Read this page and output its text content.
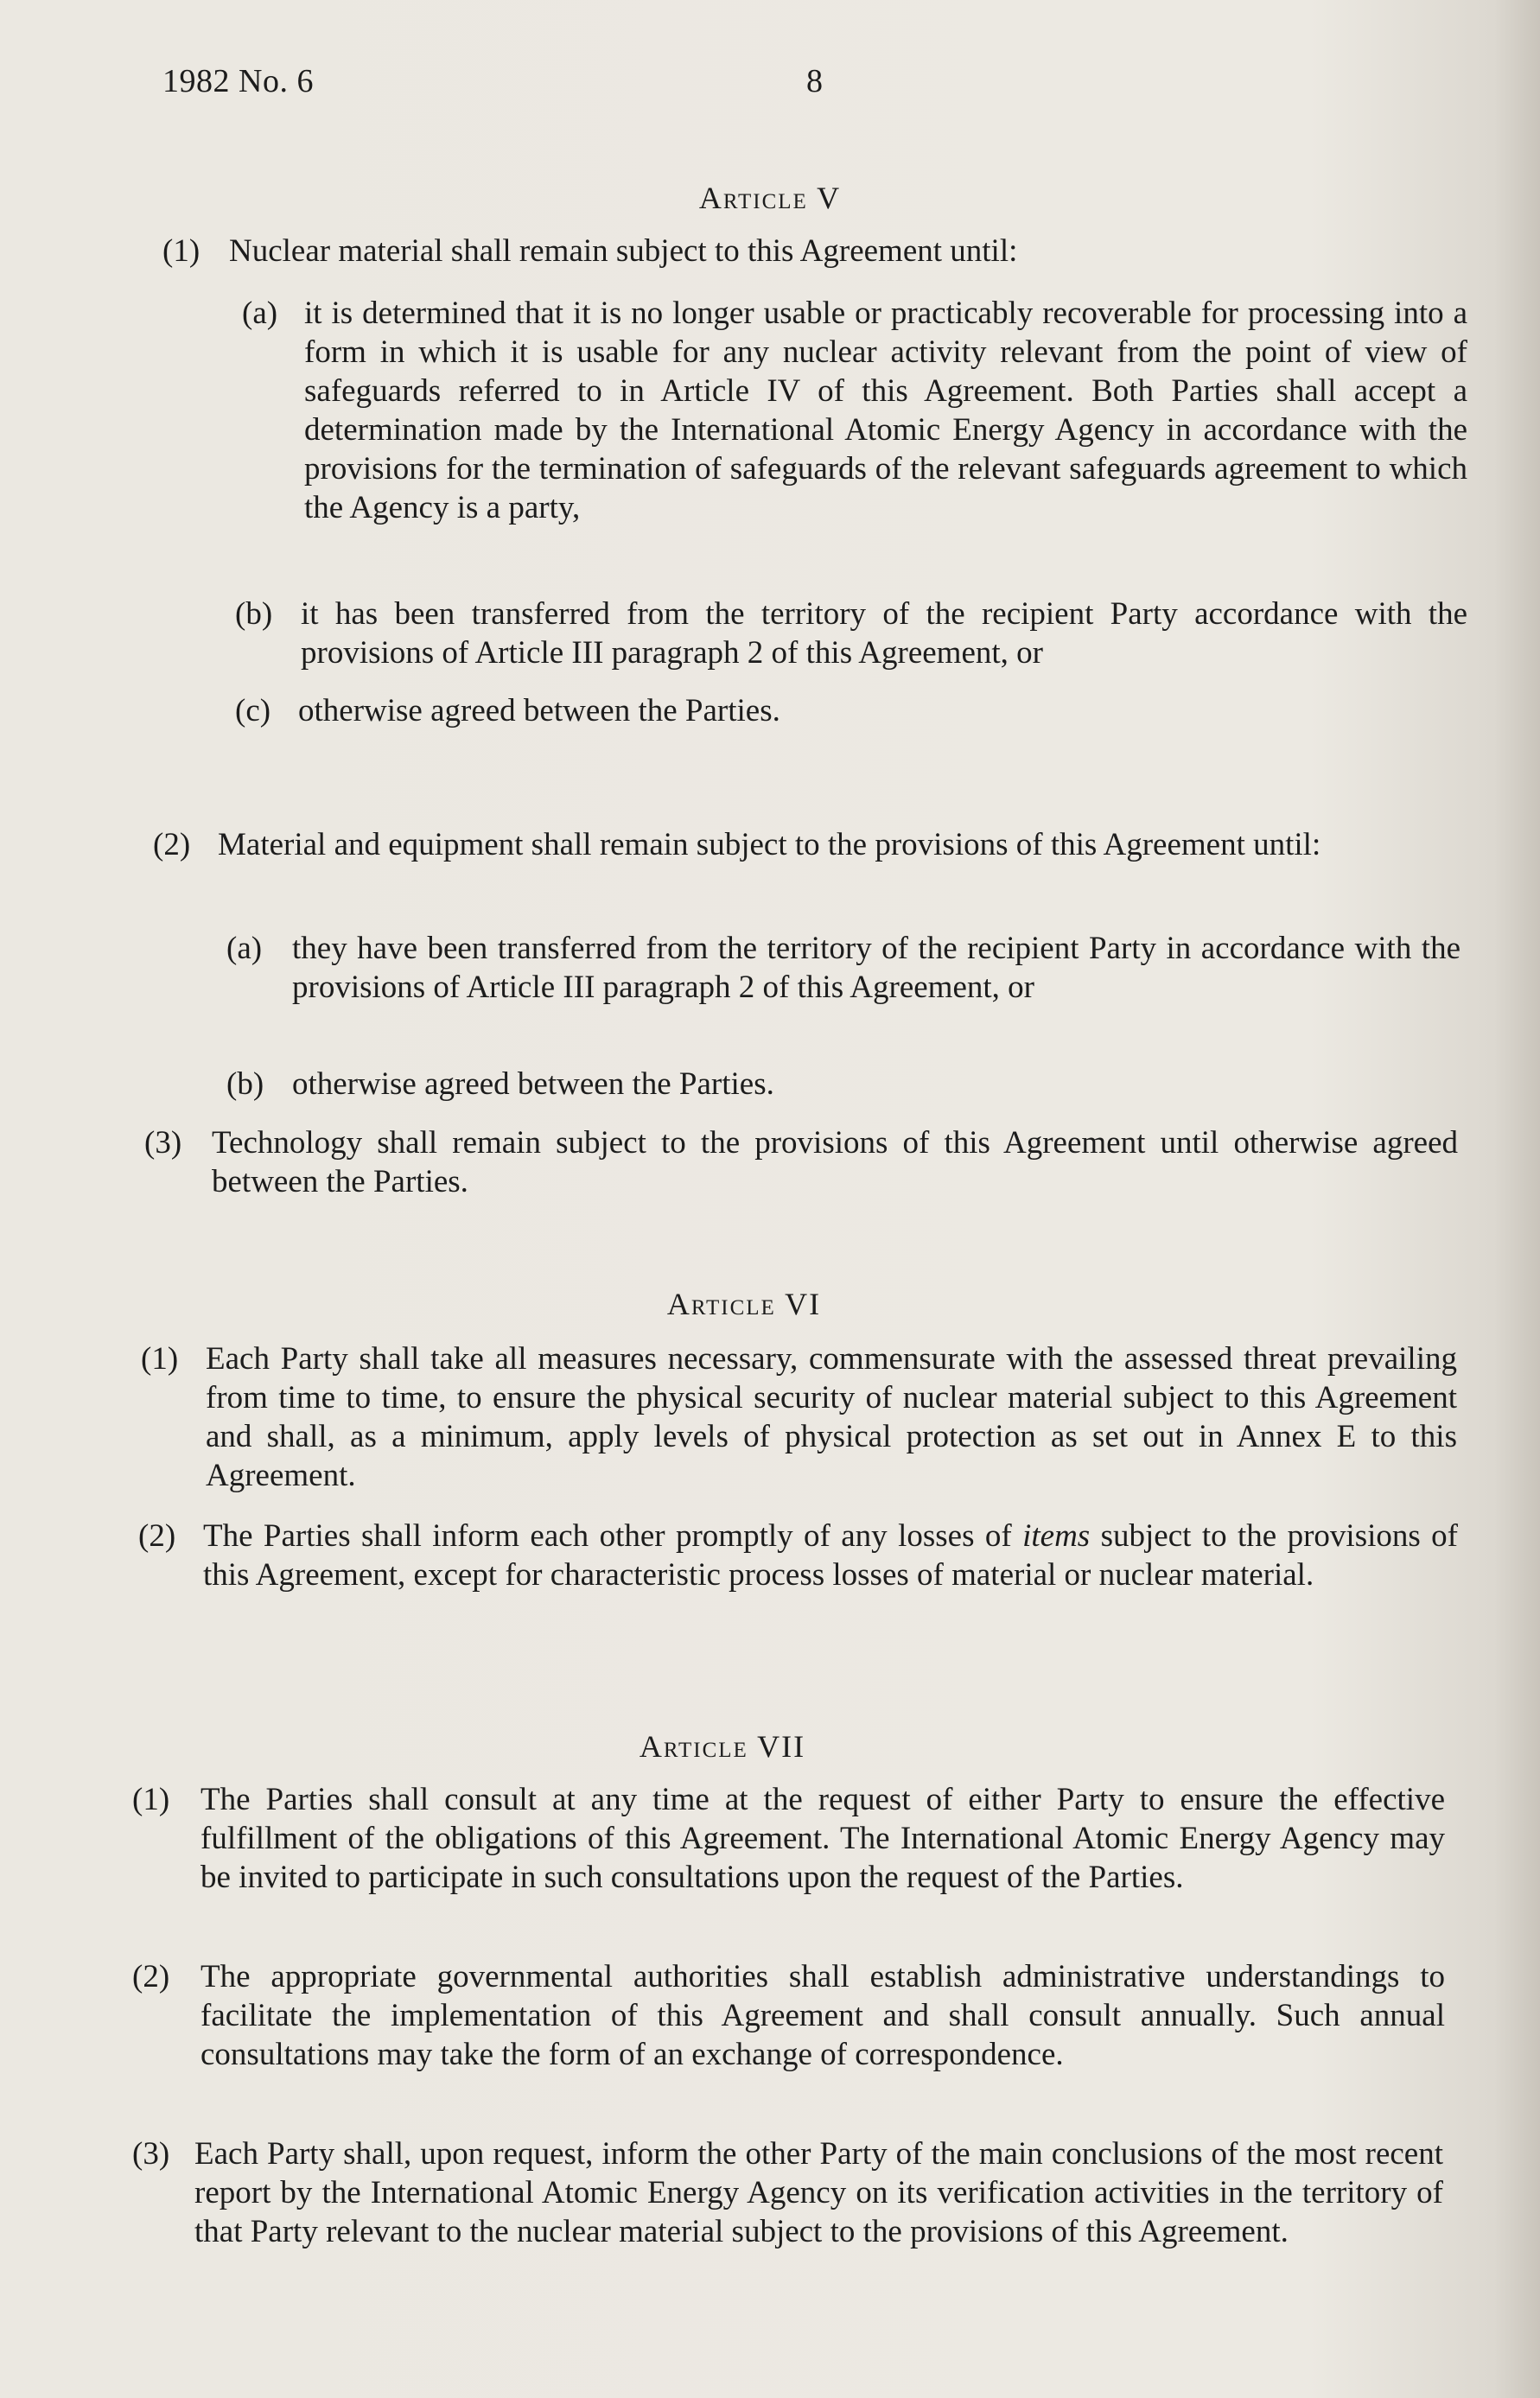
1982 No. 6	8
Article V
(1) Nuclear material shall remain subject to this Agreement until:
(a) it is determined that it is no longer usable or practicably recoverable for processing into a form in which it is usable for any nuclear activity relevant from the point of view of safeguards referred to in Article IV of this Agreement. Both Parties shall accept a determination made by the International Atomic Energy Agency in accordance with the provisions for the termination of safeguards of the relevant safeguards agreement to which the Agency is a party,
(b) it has been transferred from the territory of the recipient Party accordance with the provisions of Article III paragraph 2 of this Agreement, or
(c) otherwise agreed between the Parties.
(2) Material and equipment shall remain subject to the provisions of this Agreement until:
(a) they have been transferred from the territory of the recipient Party in accordance with the provisions of Article III paragraph 2 of this Agreement, or
(b) otherwise agreed between the Parties.
(3) Technology shall remain subject to the provisions of this Agreement until otherwise agreed between the Parties.
Article VI
(1) Each Party shall take all measures necessary, commensurate with the assessed threat prevailing from time to time, to ensure the physical security of nuclear material subject to this Agreement and shall, as a minimum, apply levels of physical protection as set out in Annex E to this Agreement.
(2) The Parties shall inform each other promptly of any losses of items subject to the provisions of this Agreement, except for characteristic process losses of material or nuclear material.
Article VII
(1) The Parties shall consult at any time at the request of either Party to ensure the effective fulfillment of the obligations of this Agreement. The International Atomic Energy Agency may be invited to participate in such consultations upon the request of the Parties.
(2) The appropriate governmental authorities shall establish administrative understandings to facilitate the implementation of this Agreement and shall consult annually. Such annual consultations may take the form of an exchange of correspondence.
(3) Each Party shall, upon request, inform the other Party of the main conclusions of the most recent report by the International Atomic Energy Agency on its verification activities in the territory of that Party relevant to the nuclear material subject to the provisions of this Agreement.
